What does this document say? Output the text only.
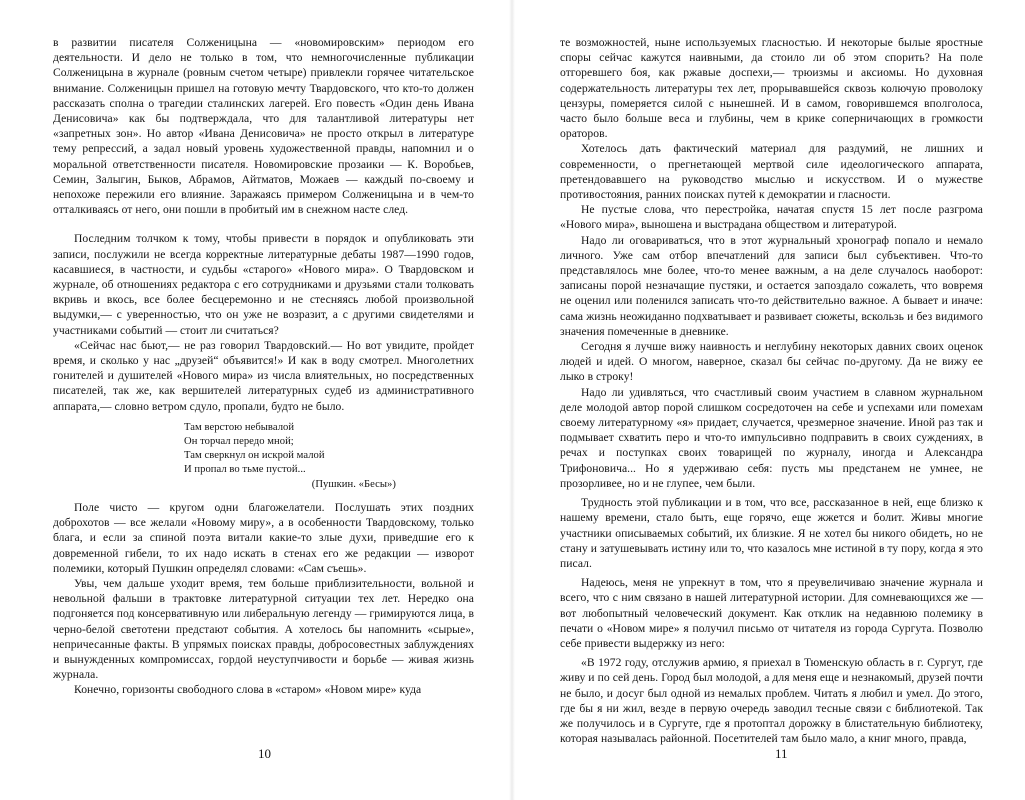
в развитии писателя Солженицына — «новомировским» периодом его деятельности. И дело не только в том, что немногочисленные публикации Солженицына в журнале (ровным счетом четыре) привлекли горячее читательское внимание. Солженицын пришел на готовую мечту Твардовского, что кто-то должен рассказать сполна о трагедии сталинских лагерей. Его повесть «Один день Ивана Денисовича» как бы подтверждала, что для талантливой литературы нет «запретных зон». Но автор «Ивана Денисовича» не просто открыл в литературе тему репрессий, а задал новый уровень художественной правды, напомнил и о моральной ответственности писателя. Новомировские прозаики — К. Воробьев, Семин, Залыгин, Быков, Абрамов, Айтматов, Можаев — каждый по-своему и непохоже пережили его влияние. Заражаясь примером Солженицына и в чем-то отталкиваясь от него, они пошли в пробитый им в снежном насте след.

Последним толчком к тому, чтобы привести в порядок и опубликовать эти записи, послужили не всегда корректные литературные дебаты 1987—1990 годов, касавшиеся, в частности, и судьбы «старого» «Нового мира». О Твардовском и журнале, об отношениях редактора с его сотрудниками и друзьями стали толковать вкривь и вкось, все более бесцеремонно и не стесняясь любой произвольной выдумки,— с уверенностью, что он уже не возразит, а с другими свидетелями и участниками событий — стоит ли считаться?

«Сейчас нас бьют,— не раз говорил Твардовский.— Но вот увидите, пройдет время, и сколько у нас „друзей“ объявится!» И как в воду смотрел. Многолетних гонителей и душителей «Нового мира» из числа влиятельных, но посредственных писателей, так же, как вершителей литературных судеб из административного аппарата,— словно ветром сдуло, пропали, будто не было.

Там верстою небывалой
Он торчал передо мной;
Там сверкнул он искрой малой
И пропал во тьме пустой...
(Пушкин. «Бесы»)

Поле чисто — кругом одни благожелатели. Послушать этих поздних доброхотов — все желали «Новому миру», а в особенности Твардовскому, только блага, и если за спиной поэта витали какие-то злые духи, приведшие его к довременной гибели, то их надо искать в стенах его же редакции — изворот полемики, который Пушкин определял словами: «Сам съешь».

Увы, чем дальше уходит время, тем больше приблизительности, вольной и невольной фальши в трактовке литературной ситуации тех лет. Нередко она подгоняется под консервативную или либеральную легенду — гримируются лица, в черно-белой светотени предстают события. А хотелось бы напомнить «сырые», непричесанные факты. В упрямых поисках правды, добросовестных заблуждениях и вынужденных компромиссах, гордой неуступчивости и борьбе — живая жизнь журнала.

Конечно, горизонты свободного слова в «старом» «Новом мире» куда

10

те возможностей, ныне используемых гласностью. И некоторые былые яростные споры сейчас кажутся наивными, да стоило ли об этом спорить? На поле отгоревшего боя, как ржавые доспехи,— трюизмы и аксиомы. Но духовная содержательность литературы тех лет, прорывавшейся сквозь колючую проволоку цензуры, померяется силой с нынешней. И в самом, говорившемся вполголоса, часто было больше веса и глубины, чем в крике соперничающих в громкости ораторов.

Хотелось дать фактический материал для раздумий, не лишних и современности, о прегнетающей мертвой силе идеологического аппарата, претендовавшего на руководство мыслью и искусством. И о мужестве противостояния, ранних поисках путей к демократии и гласности.

Не пустые слова, что перестройка, начатая спустя 15 лет после разгрома «Нового мира», выношена и выстрадана обществом и литературой.

Надо ли оговариваться, что в этот журнальный хронограф попало и немало личного. Уже сам отбор впечатлений для записи был субъективен. Что-то представлялось мне более, что-то менее важным, а на деле случалось наоборот: записаны порой незначащие пустяки, и остается запоздало сожалеть, что вовремя не оценил или поленился записать что-то действительно важное. А бывает и иначе: сама жизнь неожиданно подхватывает и развивает сюжеты, вскользь и без видимого значения помеченные в дневнике.

Сегодня я лучше вижу наивность и неглубину некоторых давних своих оценок людей и идей. О многом, наверное, сказал бы сейчас по-другому. Да не вижу ее лыко в строку!

Надо ли удивляться, что счастливый своим участием в славном журнальном деле молодой автор порой слишком сосредоточен на себе и успехами или помехам своему литературному «я» придает, случается, чрезмерное значение. Иной раз так и подмывает схватить перо и что-то импульсивно подправить в своих суждениях, в речах и поступках своих товарищей по журналу, иногда и Александра Трифоновича... Но я удерживаю себя: пусть мы предстанем не умнее, не прозорливее, но и не глупее, чем были.

Трудность этой публикации и в том, что все, рассказанное в ней, еще близко к нашему времени, стало быть, еще горячо, еще жжется и болит. Живы многие участники описываемых событий, их близкие. Я не хотел бы никого обидеть, но не стану и затушевывать истину или то, что казалось мне истиной в ту пору, когда я это писал.

Надеюсь, меня не упрекнут в том, что я преувеличиваю значение журнала и всего, что с ним связано в нашей литературной истории. Для сомневающихся же — вот любопытный человеческий документ. Как отклик на недавнюю полемику в печати о «Новом мире» я получил письмо от читателя из города Сургута. Позволю себе привести выдержку из него:

«В 1972 году, отслужив армию, я приехал в Тюменскую область в г. Сургут, где живу и по сей день. Город был молодой, а для меня еще и незнакомый, друзей почти не было, и досуг был одной из немалых проблем. Читать я любил и умел. До этого, где бы я ни жил, везде в первую очередь заводил тесные связи с библиотекой. Так же получилось и в Сургуте, где я протоптал дорожку в блистательную библиотеку, которая называлась районной. Посетителей там было мало, а книг много, правда,

11
